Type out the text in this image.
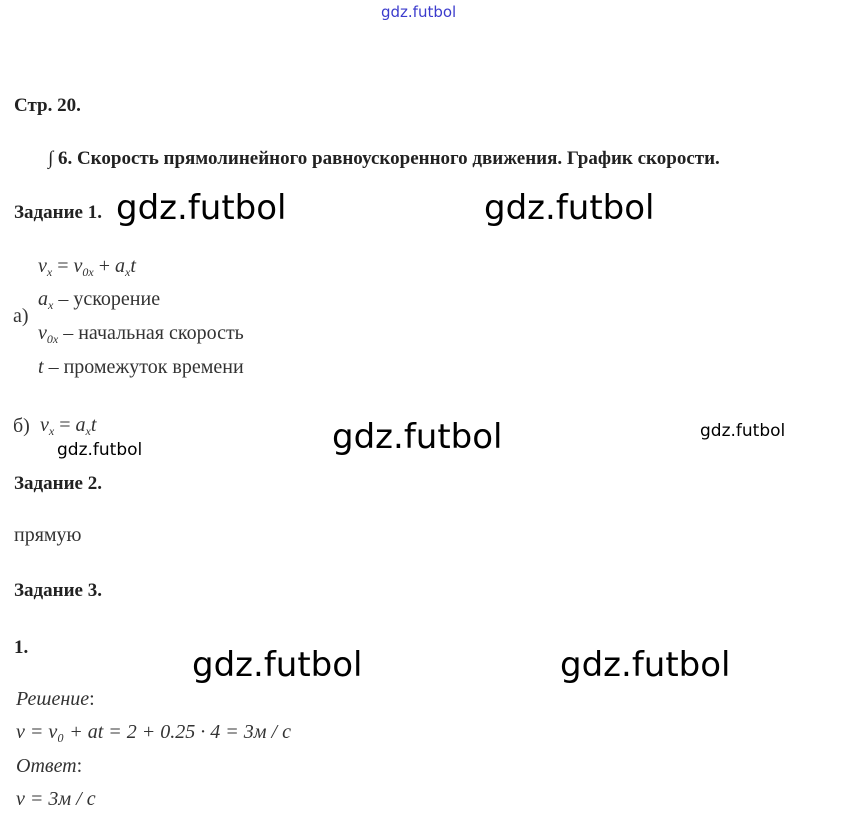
gdz.futbol
Стр. 20.
∫ 6. Скорость прямолинейного равноускоренного движения. График скорости.
Задание 1. gdz.futbol	gdz.futbol
$v_x = v_{0x} + a_xt$
а)
$a_x$ – ускорение
$v_{0x}$ – начальная скорость
t – промежуток времени
б) $v_x = a_xt$
gdz.futbol	gdz.futbol	gdz.futbol
Задание 2.
прямую
Задание 3.
1.	gdz.futbol	gdz.futbol
Решение:
v = v₀ + at = 2 + 0.25 · 4 = 3м / с
Ответ:
v = 3м / с
